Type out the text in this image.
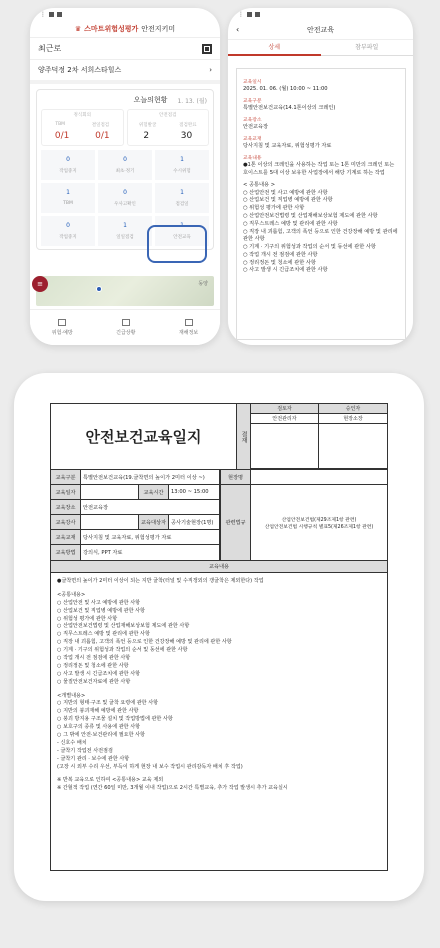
⋮
♛ 스마트위험성평가 안전지키미
최근로
양주덕정 2차 서희스타힐스	›
오늘의현황 1. 13. (월)
정식회의
TBM	결일점검
0/1	0/1
안전점검
위험발굴	점검완료
2	30
0
작업중지
0
최초·정기
1
수시위험
1
TBM
0
우사고확인
1
점검일
0
작업중지
1
일일점검
1
안전교육
동양
≡
위험·예방	긴급상황	재해정보
⋮
‹	안전교육
상세	참부파일
교육일시
2025. 01. 06. (월) 10:00 ~ 11:00
교육구분
특별안전보건교육(14.1톤이상의 크레인)
교육장소
안전교육장
교육교재
당사지침 및 교육자료, 위험성평가 자료
교육내용
●1톤 이상의 크레인을 사용하는 작업 또는 1톤 미만의 크레인 또는 호이스트를 5대 이상 보유한 사업장에서 해당 기계로 하는 작업
< 공통내용 >
○ 산업안전 및 사고 예방에 관한 사항
○ 산업보건 및 직업병 예방에 관한 사항
○ 위험성 평가에 관한 사항
○ 산업안전보건법령 및 산업재해보상보험 제도에 관한 사항
○ 직무스트레스 예방 및 관리에 관한 사항
○ 직장 내 괴롭힘, 고객의 폭언 등으로 인한 건강장해 예방 및 관리에 관한 사항
○ 기계 · 기구의 위험성과 작업의 순서 및 동선에 관한 사항
○ 작업 개시 전 점검에 관한 사항
○ 정리정돈 및 청소에 관한 사항
○ 사고 발생 시 긴급조치에 관한 사항
안전보건교육일지	결재
검토자	승인자
안전관리자	현장소장
교육구분	특별안전보건교육(19.굴착면의 높이가 2미터 이상 ~)
교육일자	교육시간	13:00 ~ 15:00
교육장소	안전교육장
교육강사	교육대상자 공사기술현장(1명)
교육교재	당사지침 및 교육자료, 위험성평가 자료
교육방법	강의식, PPT 자료
현장명
관련법규	산업안전보건법(제29조제1항 관련)
산업안전보건법 시행규칙 별표5(제26조제1항 관련)
교육내용

●굴착면의 높이가 2미터 이상이 되는 지반 굴착(터널 및 수직갱외의 갱굴착은 제외한다) 작업

<공통내용>

○ 산업안전 및 사고 예방에 관한 사항

○ 산업보건 및 직업병 예방에 관한 사항

○ 위험성 평가에 관한 사항

○ 산업안전보건법령 및 산업재해보상보험 제도에 관한 사항

○ 직무스트레스 예방 및 관리에 관한 사항

○ 직장 내 괴롭힘, 고객의 폭언 등으로 인한 건강장해 예방 및 관리에 관한 사항

○ 기계 · 기구의 위험성과 작업의 순서 및 동선에 관한 사항

○ 작업 개시 전 점검에 관한 사항

○ 정리정돈 및 청소에 관한 사항

○ 사고 발생 시 긴급조치에 관한 사항

○ 물질안전보건자료에 관한 사항

<개별내용>

○ 지반의 형태·구조 및 굴착 요령에 관한 사항

○ 지반의 붕괴재해 예방에 관한 사항

○ 붕괴 방지용 구조물 설치 및 작업방법에 관한 사항

○ 보호구의 종류 및 사용에 관한 사항

○ 그 밖에 안전·보건관리에 필요한 사항

- 신호수 배치

- 굴착기 작업전 사전점검

- 굴착기 관리 · 보수에 관한 사항

(고장 시 외부 수리 우선, 부득이 하게 현장 내 보수 작업시 관리감독자 배치 후 작업)

※ 반복 교육으로 인하여 <공통내용> 교육 제외

※ 간헐적 작업 (연간 60일 미만, 3개월 이내 작업)으로 2시간 특별교육, 추가 작업 발생시 추가 교육실시
